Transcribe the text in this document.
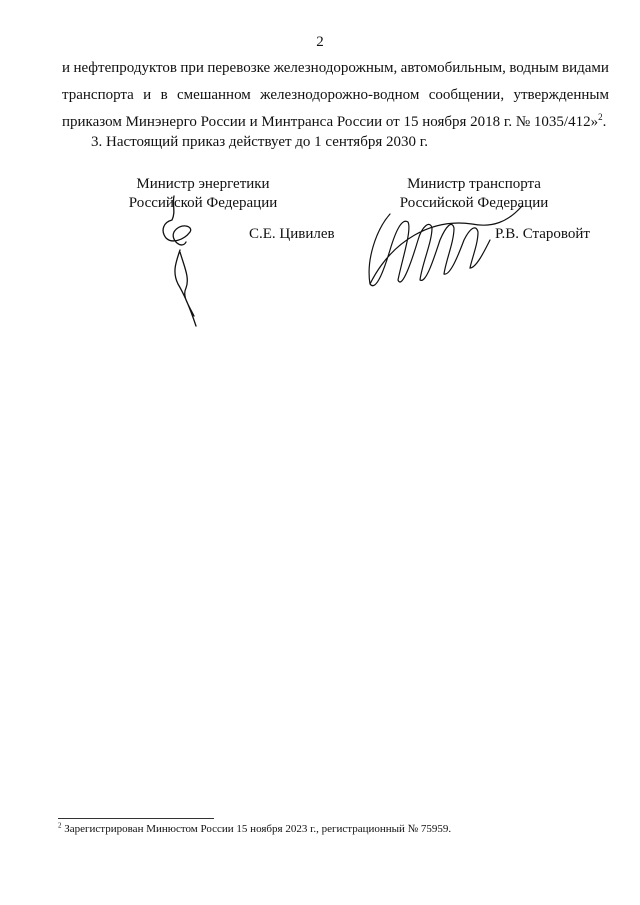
2
и нефтепродуктов при перевозке железнодорожным, автомобильным, водным видами
транспорта и в смешанном железнодорожно-водном сообщении, утвержденным
приказом Минэнерго России и Минтранса России от 15 ноября 2018 г. № 1035/412»$^2$.
3. Настоящий приказ действует до 1 сентября 2030 г.
Министр энергетики
Российской Федерации
С.Е. Цивилев
Министр транспорта
Российской Федерации
Р.В. Старовойт
$^2$ Зарегистрирован Минюстом России 15 ноября 2023 г., регистрационный № 75959.
